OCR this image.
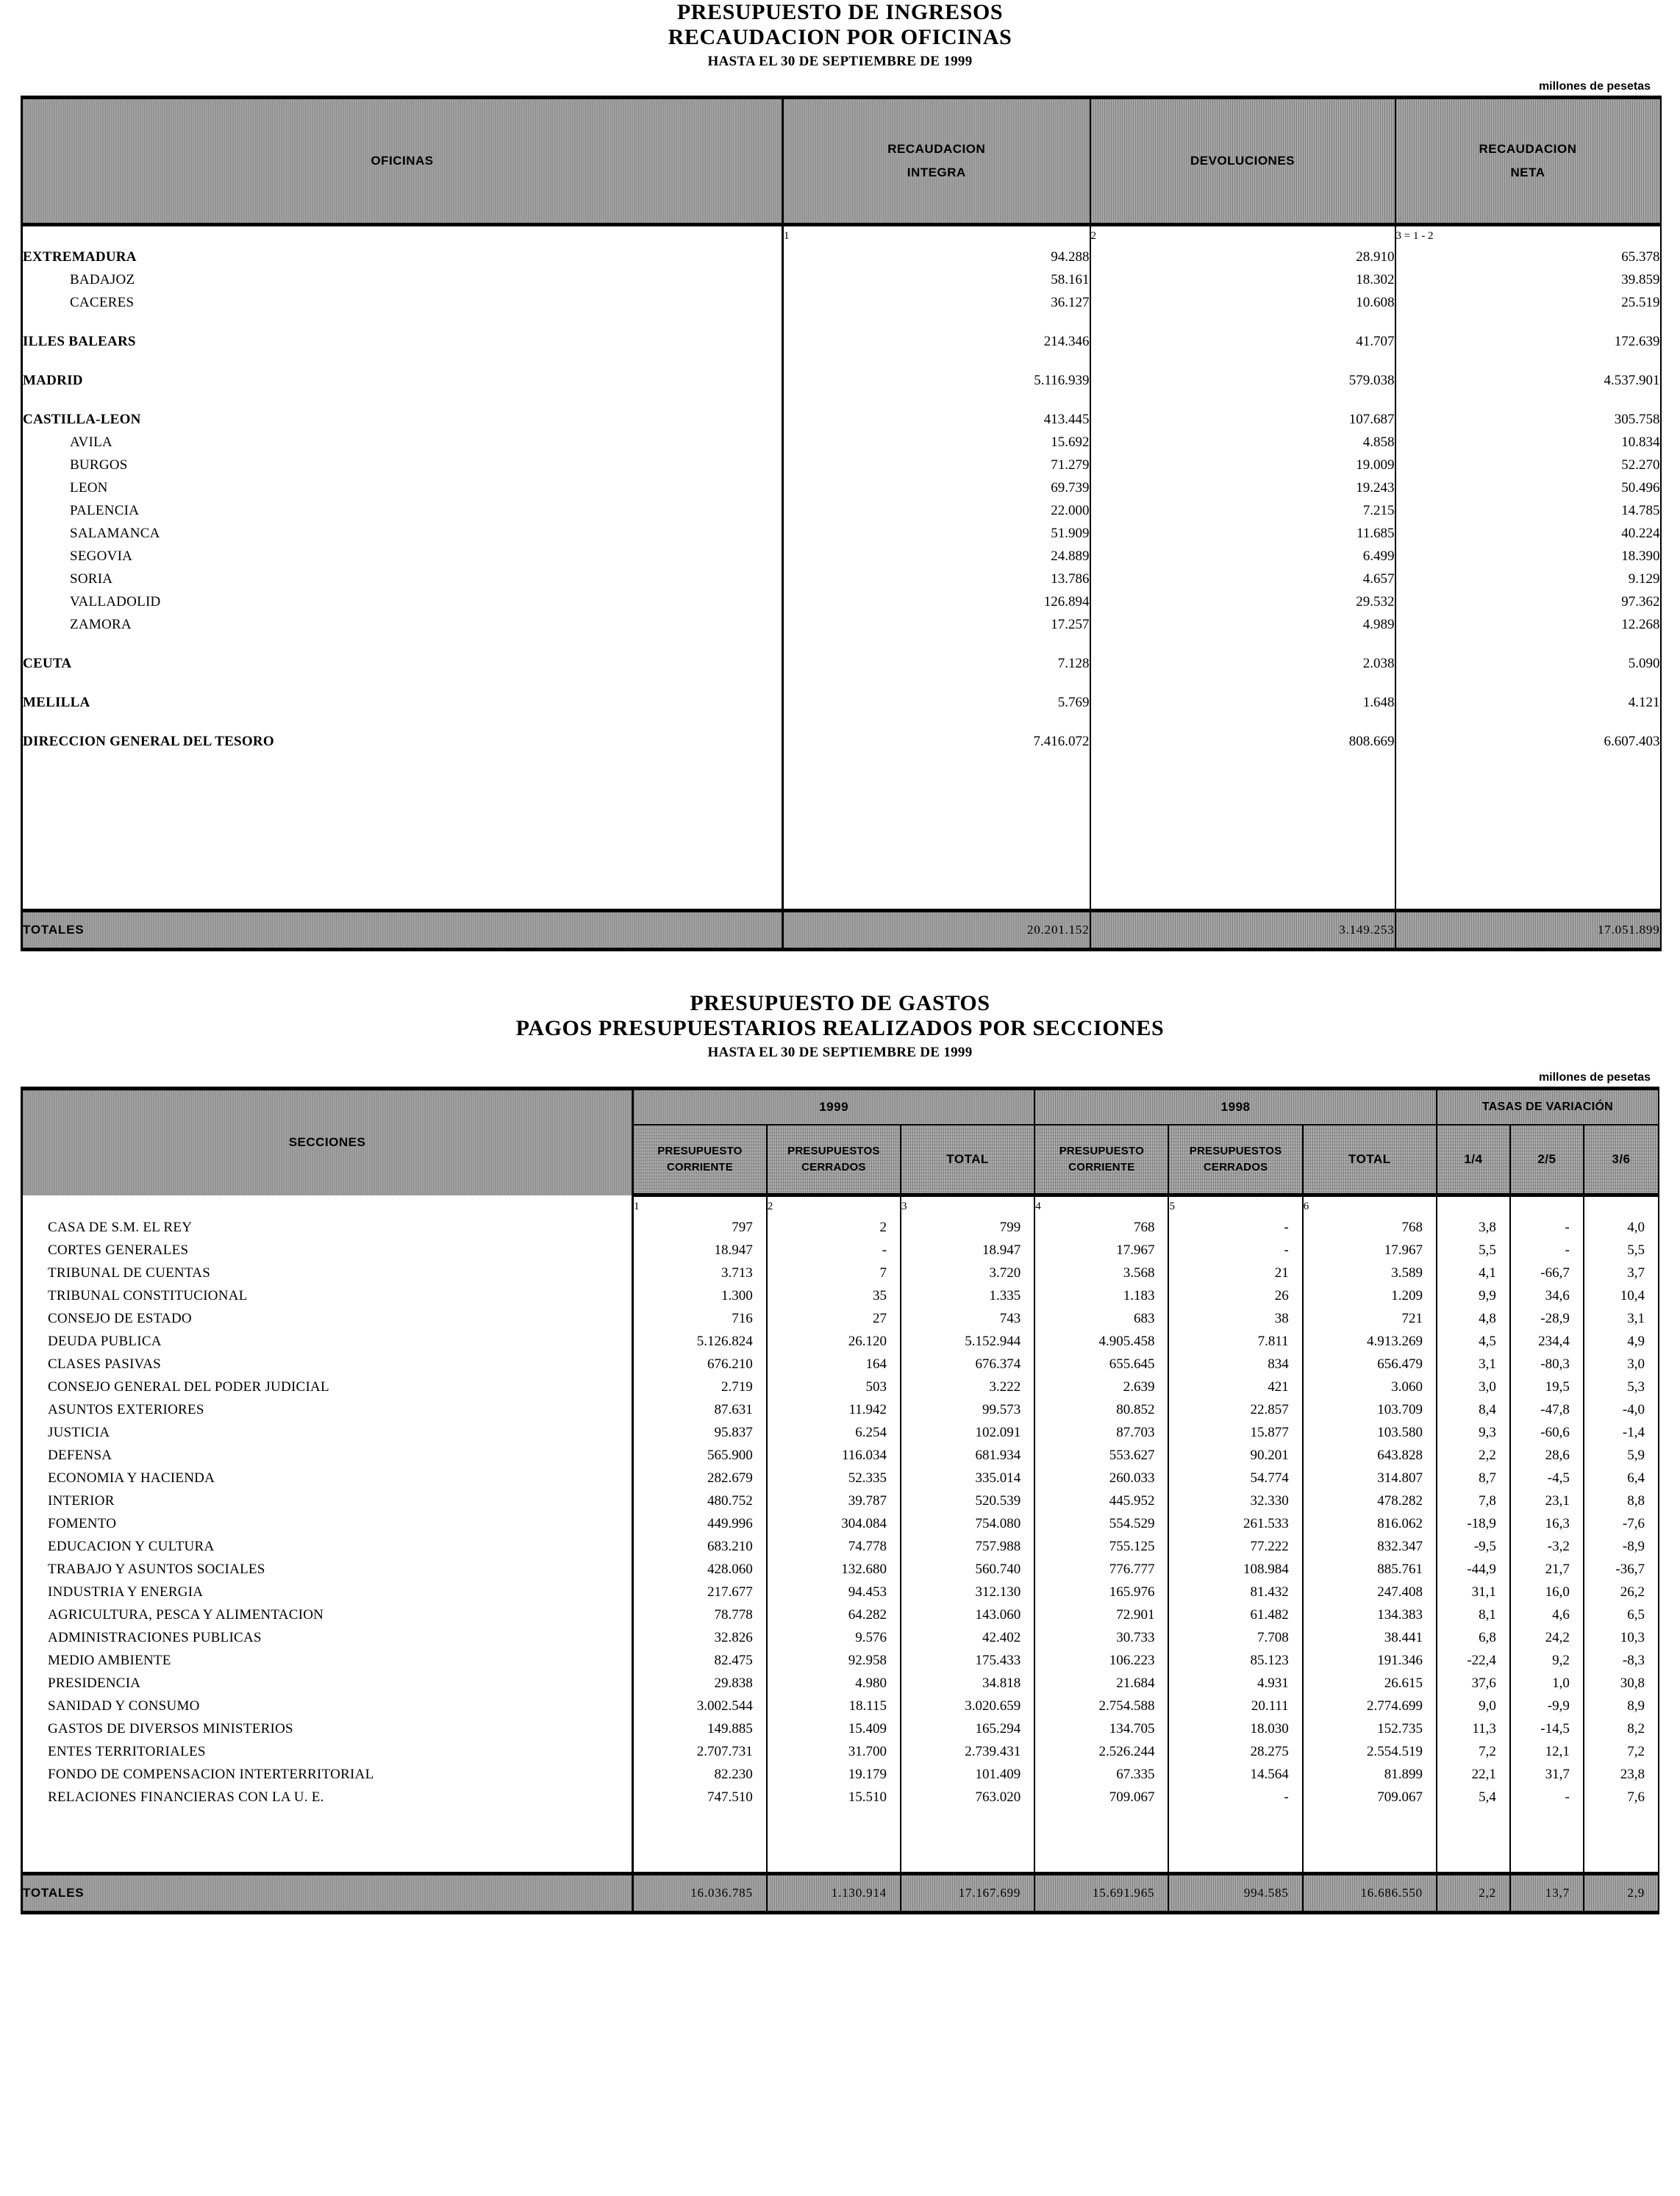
PRESUPUESTO DE INGRESOS
RECAUDACION POR OFICINAS
HASTA EL 30 DE SEPTIEMBRE DE 1999
millones de pesetas
OFICINAS	
RECAUDACION
INTEGRA
	DEVOLUCIONES	
RECAUDACION
NETA

	1	2	3 = 1 - 2
EXTREMADURA	94.288	28.910	65.378
BADAJOZ	58.161	18.302	39.859
CACERES	36.127	10.608	25.519

ILLES BALEARS	214.346	41.707	172.639

MADRID	5.116.939	579.038	4.537.901

CASTILLA-LEON	413.445	107.687	305.758
AVILA	15.692	4.858	10.834
BURGOS	71.279	19.009	52.270
LEON	69.739	19.243	50.496
PALENCIA	22.000	7.215	14.785
SALAMANCA	51.909	11.685	40.224
SEGOVIA	24.889	6.499	18.390
SORIA	13.786	4.657	9.129
VALLADOLID	126.894	29.532	97.362
ZAMORA	17.257	4.989	12.268

CEUTA	7.128	2.038	5.090

MELILLA	5.769	1.648	4.121

DIRECCION GENERAL DEL TESORO	7.416.072	808.669	6.607.403

TOTALES	20.201.152	3.149.253	17.051.899
PRESUPUESTO DE GASTOS
PAGOS PRESUPUESTARIOS REALIZADOS POR SECCIONES
HASTA EL 30 DE SEPTIEMBRE DE 1999
millones de pesetas
SECCIONES	1999			1998			TASAS DE VARIACIÓN		

PRESUPUESTO
CORRIENTE

PRESUPUESTOS
CERRADOS
	TOTAL	
PRESUPUESTO
CORRIENTE

PRESUPUESTOS
CERRADOS
	TOTAL	1/4	2/5	3/6
	1	2	3	4	5	6			
CASA DE S.M. EL REY	797	2	799	768	-	768	3,8	-	4,0
CORTES GENERALES	18.947	-	18.947	17.967	-	17.967	5,5	-	5,5
TRIBUNAL DE CUENTAS	3.713	7	3.720	3.568	21	3.589	4,1	-66,7	3,7
TRIBUNAL CONSTITUCIONAL	1.300	35	1.335	1.183	26	1.209	9,9	34,6	10,4
CONSEJO DE ESTADO	716	27	743	683	38	721	4,8	-28,9	3,1
DEUDA PUBLICA	5.126.824	26.120	5.152.944	4.905.458	7.811	4.913.269	4,5	234,4	4,9
CLASES PASIVAS	676.210	164	676.374	655.645	834	656.479	3,1	-80,3	3,0
CONSEJO GENERAL DEL PODER JUDICIAL	2.719	503	3.222	2.639	421	3.060	3,0	19,5	5,3
ASUNTOS EXTERIORES	87.631	11.942	99.573	80.852	22.857	103.709	8,4	-47,8	-4,0
JUSTICIA	95.837	6.254	102.091	87.703	15.877	103.580	9,3	-60,6	-1,4
DEFENSA	565.900	116.034	681.934	553.627	90.201	643.828	2,2	28,6	5,9
ECONOMIA Y HACIENDA	282.679	52.335	335.014	260.033	54.774	314.807	8,7	-4,5	6,4
INTERIOR	480.752	39.787	520.539	445.952	32.330	478.282	7,8	23,1	8,8
FOMENTO	449.996	304.084	754.080	554.529	261.533	816.062	-18,9	16,3	-7,6
EDUCACION Y CULTURA	683.210	74.778	757.988	755.125	77.222	832.347	-9,5	-3,2	-8,9
TRABAJO Y ASUNTOS SOCIALES	428.060	132.680	560.740	776.777	108.984	885.761	-44,9	21,7	-36,7
INDUSTRIA Y ENERGIA	217.677	94.453	312.130	165.976	81.432	247.408	31,1	16,0	26,2
AGRICULTURA, PESCA Y ALIMENTACION	78.778	64.282	143.060	72.901	61.482	134.383	8,1	4,6	6,5
ADMINISTRACIONES PUBLICAS	32.826	9.576	42.402	30.733	7.708	38.441	6,8	24,2	10,3
MEDIO AMBIENTE	82.475	92.958	175.433	106.223	85.123	191.346	-22,4	9,2	-8,3
PRESIDENCIA	29.838	4.980	34.818	21.684	4.931	26.615	37,6	1,0	30,8
SANIDAD Y CONSUMO	3.002.544	18.115	3.020.659	2.754.588	20.111	2.774.699	9,0	-9,9	8,9
GASTOS DE DIVERSOS MINISTERIOS	149.885	15.409	165.294	134.705	18.030	152.735	11,3	-14,5	8,2
ENTES TERRITORIALES	2.707.731	31.700	2.739.431	2.526.244	28.275	2.554.519	7,2	12,1	7,2
FONDO DE COMPENSACION INTERTERRITORIAL	82.230	19.179	101.409	67.335	14.564	81.899	22,1	31,7	23,8
RELACIONES FINANCIERAS CON LA U. E.	747.510	15.510	763.020	709.067	-	709.067	5,4	-	7,6

TOTALES	16.036.785	1.130.914	17.167.699	15.691.965	994.585	16.686.550	2,2	13,7	2,9
